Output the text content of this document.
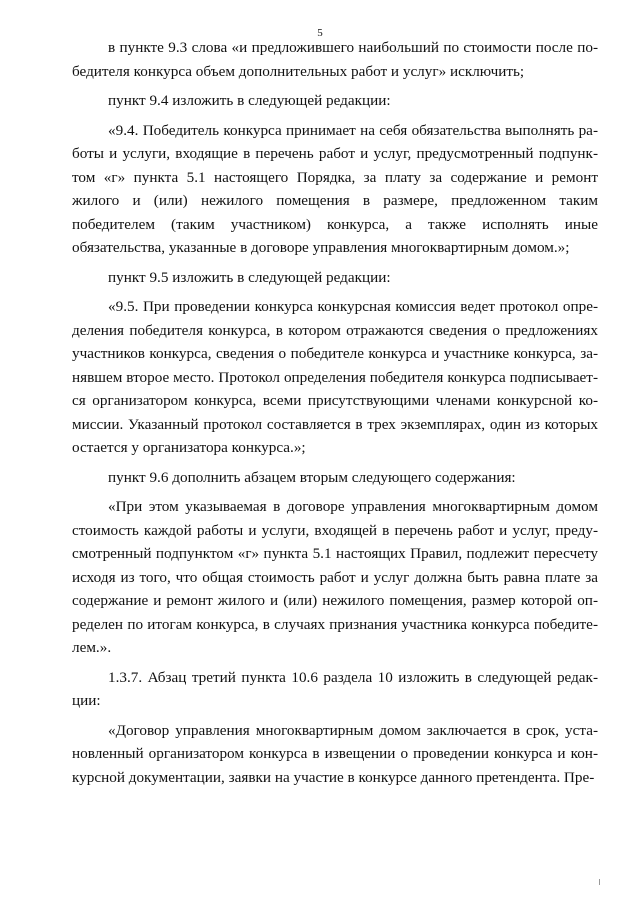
5

в пункте 9.3 слова «и предложившего наибольший по стоимости после победителя конкурса объем дополнительных работ и услуг» исключить;

пункт 9.4 изложить в следующей редакции:

«9.4. Победитель конкурса принимает на себя обязательства выполнять работы и услуги, входящие в перечень работ и услуг, предусмотренный подпунктом «г» пункта 5.1 настоящего Порядка, за плату за содержание и ремонт жилого и (или) нежилого помещения в размере, предложенном таким победителем (таким участником) конкурса, а также исполнять иные обязательства, указанные в договоре управления многоквартирным домом.»;

пункт 9.5 изложить в следующей редакции:

«9.5. При проведении конкурса конкурсная комиссия ведет протокол определения победителя конкурса, в котором отражаются сведения о предложениях участников конкурса, сведения о победителе конкурса и участнике конкурса, занявшем второе место. Протокол определения победителя конкурса подписывается организатором конкурса, всеми присутствующими членами конкурсной комиссии. Указанный протокол составляется в трех экземплярах, один из которых остается у организатора конкурса.»;

пункт 9.6 дополнить абзацем вторым следующего содержания:

«При этом указываемая в договоре управления многоквартирным домом стоимость каждой работы и услуги, входящей в перечень работ и услуг, предусмотренный подпунктом «г» пункта 5.1 настоящих Правил, подлежит пересчету исходя из того, что общая стоимость работ и услуг должна быть равна плате за содержание и ремонт жилого и (или) нежилого помещения, размер которой определен по итогам конкурса, в случаях признания участника конкурса победителем.».

1.3.7. Абзац третий пункта 10.6 раздела 10 изложить в следующей редакции:

«Договор управления многоквартирным домом заключается в срок, установленный организатором конкурса в извещении о проведении конкурса и конкурсной документации, заявки на участие в конкурсе данного претендента. Пре-
